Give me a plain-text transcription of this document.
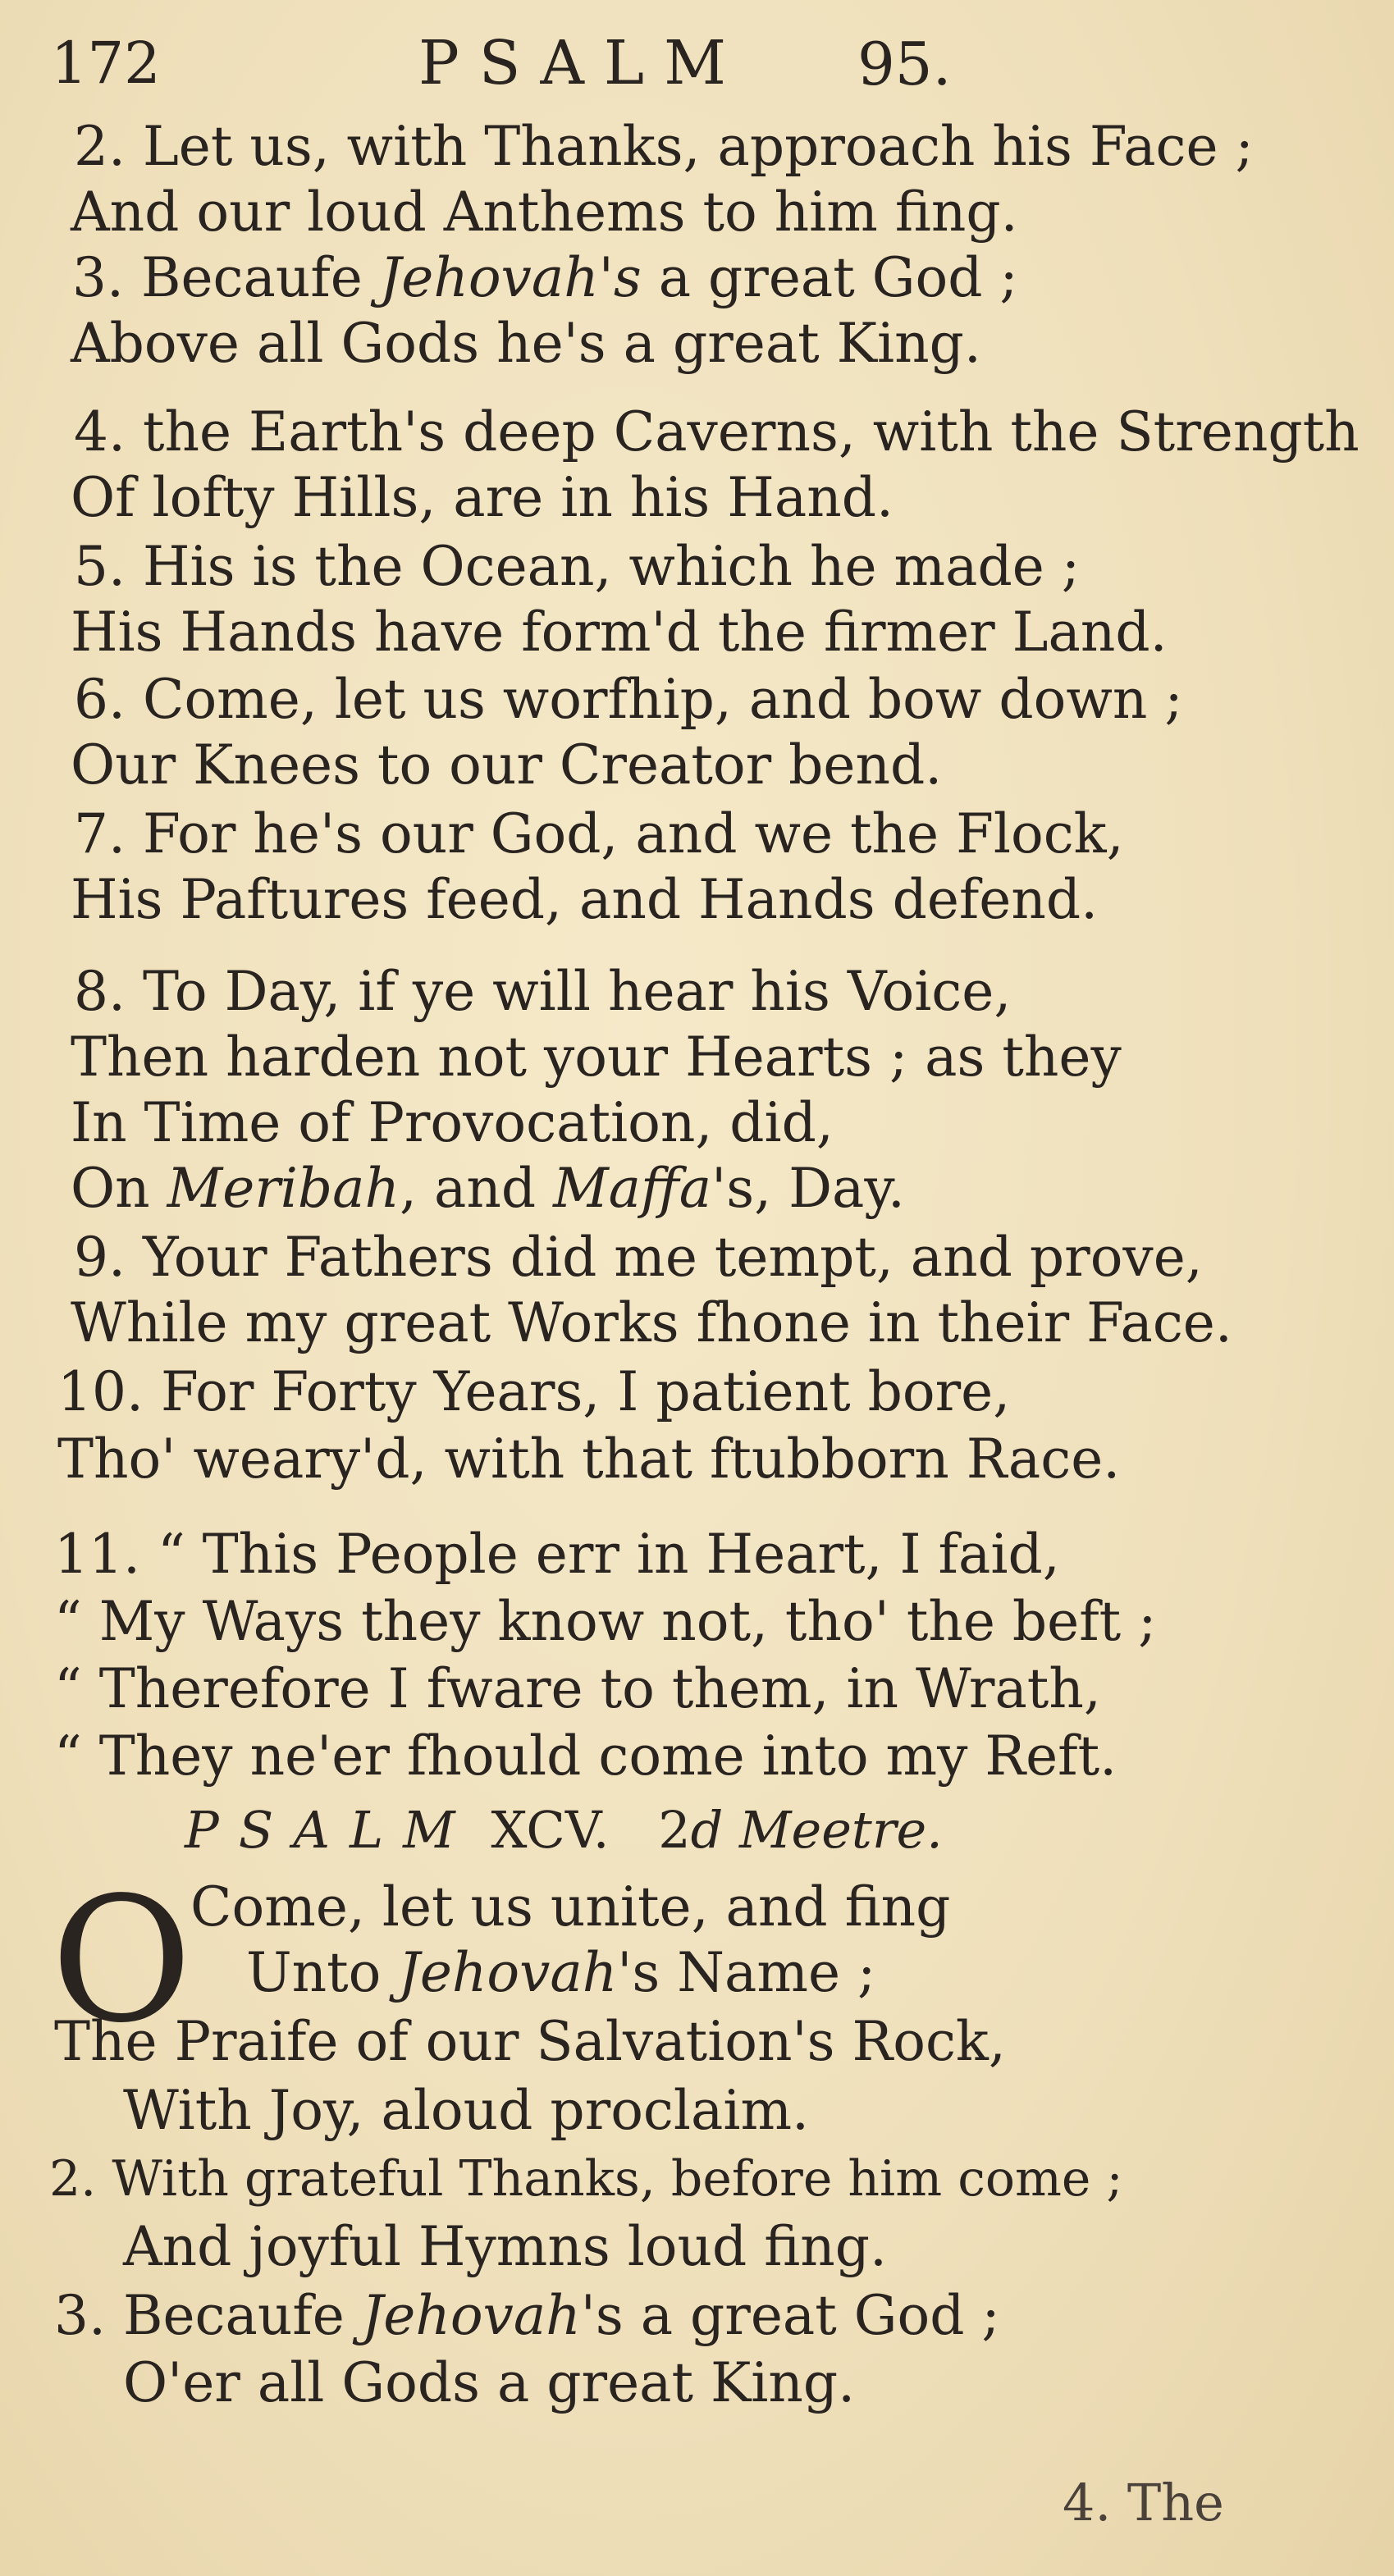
172	PSALM 95.
2. Let us, with Thanks, approach his Face ;
And our loud Anthems to him fing.
3. Becaufe Jehovah's a great God ;
Above all Gods he's a great King.
4. the Earth's deep Caverns, with the Strength
Of lofty Hills, are in his Hand.
5. His is the Ocean, which he made ;
His Hands have form'd the firmer Land.
6. Come, let us worfhip, and bow down ;
Our Knees to our Creator bend.
7. For he's our God, and we the Flock,
His Paftures feed, and Hands defend.
8. To Day, if ye will hear his Voice,
Then harden not your Hearts ; as they
In Time of Provocation, did,
On Meribah, and Maffa's, Day.
9. Your Fathers did me tempt, and prove,
While my great Works fhone in their Face.
10. For Forty Years, I patient bore,
Tho' weary'd, with that ftubborn Race.
11. “ This People err in Heart, I faid,
“ My Ways they know not, tho' the beft ;
“ Therefore I fware to them, in Wrath,
“ They ne'er fhould come into my Reft.
PSALM XCV. 2d Meetre.
O
Come, let us unite, and fing
Unto Jehovah's Name ;
The Praife of our Salvation's Rock,
With Joy, aloud proclaim.
2. With grateful Thanks, before him come ;
And joyful Hymns loud fing.
3. Becaufe Jehovah's a great God ;
O'er all Gods a great King.
4. The
